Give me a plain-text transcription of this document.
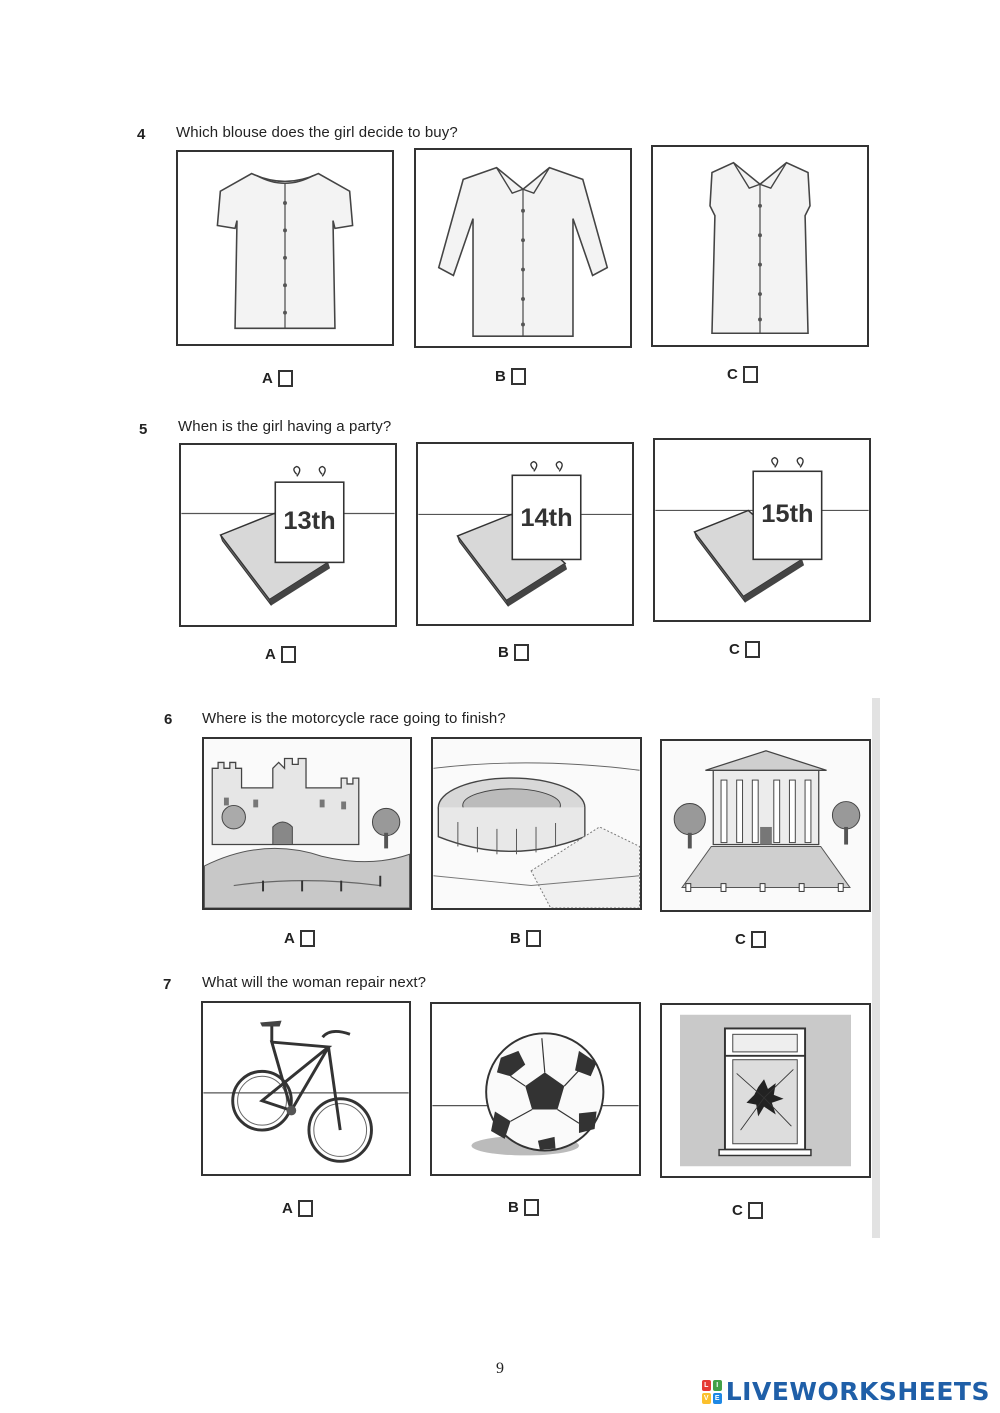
4 Which blouse does the girl decide to buy?
A	B	C
5 When is the girl having a party?
13th	14th	15th
A	B	C
6 Where is the motorcycle race going to finish?
A	B	C
7 What will the woman repair next?
A	B	C
9
L	I
V E LIVEWORKSHEETS
